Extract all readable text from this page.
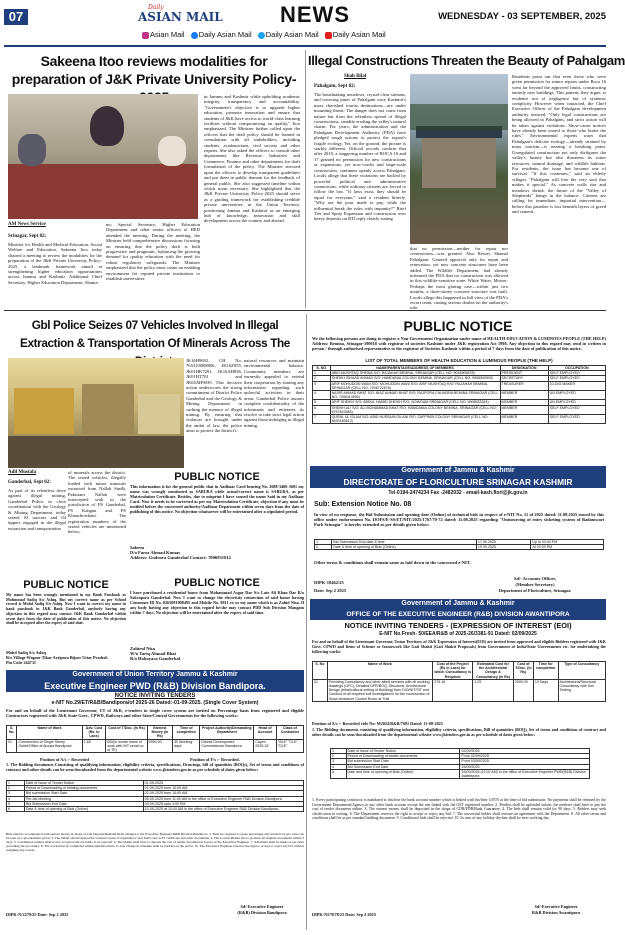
07
Daily
ASIAN MAIL	NEWS	WEDNESDAY - 03 SEPTEMBER, 2025
Asian Mail Daily Asian Mail Daily Asian Mail Daily Asian Mail
Sakeena Itoo reviews modalities for preparation of J&K Private University Policy-
AM News Service
Srinagar, Sept 02:
Minister for Health and Medical Education, Social Welfare and Education, Sakeena Itoo today chaired a meeting to review the modalities for the preparation of the J&K Private University Policy-2025, a landmark framework aimed at strengthening higher education opportunities across Jammu and Kashmir. Additional Chief Secretary, Higher Education Department, Shanta-
nu; Special Secretary, Higher Education Department and other senior officers of HED attended the meeting. During the meeting, the Minister held comprehensive discussions focusing on ensuring that the policy draft is both progressive and pragmatic, balancing the growing demand for quality education with the need for robust regulatory safeguards. The Minister emphasized that the policy must create an enabling environment for reputed private institutions to establish universities
in Jammu and Kashmir while upholding academic integrity, transparency and accountability. "Government's objective is to upgrade higher education, promote innovation and ensure that students of J&K have access to world-class learning facilities without compromising on quality," Itoo emphasized. The Minister further called upon the officers that the draft policy should be framed in consultation with all stakeholders, including students, academicians, civil society and other experts. She also asked the officers to consult other departments like Revenue, Industries and Commerce, Finance and other departments for draft formulation of the policy. The Minister stressed upon the officers to develop transparent guidelines and put them in public domain for the feedback of general public. She also suggested timeline within which norm necessary. She highlighted that the J&K Private University Policy-2025 should serve as a guiding framework for establishing credible private universities in the Union Territory, positioning Jammu and Kashmir as an emerging hub of knowledge, innovation and skill development across the country and abroad.
Illegal Constructions Threaten the Beauty of Pahalgam
Shah Bilal
Pahalgam, Sept 02:
The breathtaking meadows, crystal-clear streams, and towering pines of Pahalgam once Kashmir's most cherished tourist destinations—are under mounting threat. The danger does not come from nature but from the relentless spread of illegal constructions, steadily eroding the valley's natural charm. For years, the administration and the Pahalgam Development Authority (PDA) have pledged tough actions to protect the region's fragile ecology. Yet, on the ground, the picture is starkly different. Official records confirm that after 2019, a staggering number of BOCA 16 and 17 granted no permission for new constructions or expansions, yet now-cracks and large-scale construction, continues openly across Pahalgam. Locals allege that these violations are backed by powerful political and administrative connections, while ordinary citizens are forced to follow the law. "If laws exist, they should be equal for everyone," said a resident bitterly. "Why are the poor made to pay, while the influential break the rules with impunity?" Brief Tier and Spray Expansion and construction over heavy deposits on RTI reply clearly stating
that no permission—neither for repair nor construction—was granted. Also Resort, Shamal Pahalgam: Granted approval only for repair and renovation, yet new concrete structures have been added. The Wildlife Department, had already informed the PDA that no construction was allowed in this wildlife-sensitive zone. White Water, Mower: Perhaps the most glaring case—within just two months, a three-storey concrete structure was built. Locals allege this happened in full view of the PDA's escort team, casting serious doubts on the authority's role.
Residents point out that even those who were given permission for minor repairs under Boca 16 went far beyond the approved limits, constructing entirely new buildings. This pattern, they argue, is evidence not of negligence but of systemic complicity. However when contacted, the Chief Executive Officer of the Pahalgam development authority insisted, "Only legal constructions are being allowed in Pahalgam, and strict action will be taken against violations. Show-cause notices have already been issued to those who broke the rules." Environmental experts warn that Pahalgam's delicate ecology—already strained by mass tourism—is nearing a breaking point. Unregulated construction not only disfigures the valley's beauty but also threatens its water resources, natural drainage, and wildlife habitats. For residents, the issue has become one of survival. "If this continues," said an elderly villager, "Pahalgam will lose the very soul that makes it special." As concrete walls rise and meadows shrink, the future of the "Valley of Shepherds" hangs in the balance. Citizens are calling for immediate, impartial intervention—before this paradise is lost beneath layers of greed and cement.
Gbl Police Seizes 07 Vehicles Involved In Illegal Extraction & Transportation Of Minerals Across The
Adil Mustafa
Ganderbal, Sept 02:
As part of its relentless drive against illegal mining, Ganderbal Police in close coordination with the Geology & Mining Department, today seized 03 tractors and 04 tippers engaged in the illegal extraction and transportation
of minerals across the district. The seized vehicles, illegally loaded with minor minerals extracted from Nallah Sindh, Pakistani Nallah were intercepted with in the jurisdiction of PS Ganderbal, PS Kangan and PS Khanchowhani. The registration numbers of the seized vehicles are mentioned below;
JK16H9692, CH No. 76531008808K, JK16Z855, JK01HK7291, JK16AH836, JK01HT701 and JK04AH9039. This decisive action underscores the strong commitment of District Police Ganderbal and the Geology & Mining Department in curbing the menace of illegal mining. By ensuring that violators are brought under the ambit of law, the police aims to protect the district's
natural resources and maintain environmental balance. Community members are earnestly appealed to extend their cooperation by sharing any information regarding such unlawful activities in their areas. Ganderbal Police assures complete confidentiality of the informants and reiterates its resolve to take strict legal action against those indulging in illegal mining.
PUBLIC NOTICE
This information is for the general public that in Aadhaar Card bearing No. 2688-3406-3601 my name was wrongly mentioned as SABURA while actual/correct name is SABURA, as per Matriculation Certificate. Besides, due to misprint I have caused the name Said in my Aadhaar Card. Now it needs to be corrected as per my Matriculation Certificate, objection if any must be notified before the concerned authority/Aadhaar Department within seven days from the date of publishing of this notice. No objection whatsoever will be entertained after a stipulated period.
Saleem
D/o Faroz Ahmad Kumar
Address: Gudoora Ganderbal Contact: 7006931812
PUBLIC NOTICE
I have purchased a residential house from Mohammad Asgar Dar S/o Late Ali Khan Dar R/o Sokrapora Ganderbal. Now I want to change the electricity connection of said house having Consumer ID No. 0265081000495 and Mobile No. 9811 xx xx my name which is as Zahid Nisa. If any body having any objection to this regard he/she may contact PDD Sub Division Mangam within 7 days. No objection will be entertained after the expiry of said time.
Zahirul Nisa
W/o Tariq Ahmad Bhat
R/o Hoboyara Ganderbal
PUBLIC NOTICE
My name has been wrongly mentioned in my Bank Passbook as Mohmmad Sadiq S/o Ashiq. But my correct name as per School record is Mohd Sadiq S/o Ashiq. Now I want to correct my name in bank passbook in J&K Bank Ganderbal, anybody having any objection in this regard may contact J&K Bank Ganderbal within seven days from the date of publication of this notice. No objection shall be accepted after the expiry of said date.
Mohd Sadiq S/o Ashiq
R/o Village Wagoor Tikar Arziporo Bijoor Uttar Pradesh
Pin Code 244731
Government of Union Territory Jammu & Kashmir
Executive Engineer PWD (R&B) Division Bandipora.
NOTICE INVITING TENDERS
e-NIT No.29/ET/R&B/Bandipora/of 2025-26 Dated:-01-09-2025. (Single Cover System)
For and on behalf of the Lieutenant Governor, UT of J&K, e-tenders in single cover system are invited on Percentage basis from registered and eligible Contractors registered with J&K State Govt., CPWD, Railways and other State/Central Governments for the following works:
S. No.	Name of Work	Adv. Cost (Rs. In Lacs)	Cost of T/Doc. (In Rs)	Earnest Money (In Rs)	Time of completion	Project Authority/Demanding Department	Head of Account	Class of Contractor
01	Construction of Single Storey Outlet/Office at Aloosa Bandipora	1.65	600(in words name of work with NIT serial no. of TE)	2950.00	30 Working days	District Development Commissioner Bandipora	Capex 2025-26	"BLE" "CLE" "DLE"
Position of A/s :- Recorded	Position of F/s :- Recorded.
1. The Bidding documents Consisting of qualifying information, eligibility criteria, specifications, Drawings, bill of quantities (BOQs), Set of terms and conditions of contract and other details can be seen/downloaded from the departmental website www.jktenders.gov.in as per schedule of dates given below;
1	Date of Issue of Tender Notice	01-09-2025
2	Period of Downloading of bidding documents	01-09-2025 from 10:00 AM
3	Bid submission Start Date.	02-09-2025 from 10:00 AM
4	Pre-bid Meeting	05-09-2025 from 11:00 AM in the office of Executive Engineer R&B Division Bandipora
5	Bid Submission End Date.	09-09-2025 upto 4:00 PM
6	Date & time of opening of Bids (Online)	10-09-2025 at 10:00 AM in the office of Executive Engineer R&B Division Bandipora.
Bids must be accompanied with earnest money in shape of Call Deposit/Demand Draft pledged to the Executive Engineer R&B Division Bandipora. 2. Bids are required to quote percentage above/below/at par; rates can be seen on e-procurement portal. 3. The bidder should upload the scanned copies of registration card, PAN card, GST certificate and other documents. 4. The Lowest Bidder has to produce all original documents within 3 days. 5. Conditional tenders shall not be accepted and are liable to be rejected. 6. The bidder shall have to deposit the cost of tender document in favour of the Executive Engineer. 7. Allotment shall be made as per rules governing the procedure. 8. The work must be completed within stipulated time. 9. Any change in schedule shall be notified on the portal. 10. The Executive Engineer reserves the right to accept or reject any bid without assigning any reason.
DIPK-N/2279/25 Date: Sep 2 2025
Sd/-Executive Engineer
(R&B) Division Bandipora
PUBLIC NOTICE
We the following persons are doing to register a Non-Government Organization under name of HEALTH EDUCATION & LUMINOUS PEOPLE (THE HELP) Address: Bemina, Srinagar-190018 with registrar of societies Kashmir under J&K registration Act 1998. Any objection in this regard may send in written in person / through authorised representative to the registrar of Societies Kashmir within a period of 7 days from the date of publication of this notice.
LIST OF TOTAL MEMBERS OF HEALTH EDUCATION & LUMINOUS PEOPLE (THE HELP)
S. NO	NAME/PARENTAGE/ADDRESS OF MEMBERS	DESIGNATION	OCCUPATION
1	ABID MUSHTAQ SHEWA S/O: RAJAHAH BEMINA, SRINAGAR (CELL NO: 9018905878)	PRESIDENT	SELF EMPLOYED
2	SHEIKH ISHAAD AHMAD S/O: HAMDANIA COLONY BEMINA, SRINAGAR (CELL NO: 9906500500)	SECRETARY	SELF EMPLOYED
3	ARIF MOHUDDIN WANI S/O: MOHUDDIN WANI R/O: ARIF MUSHTAQ R/O: RAJAHAH BEMINA, SRINAGAR (CELL NO: 7006722878)	TREASURER	10-DIG MAKER
4	NASIR AHMAD BHAT S/O: NIAZ AHMAD BHAT R/O: RAJPORA CHUNDRA BEMINA SRINAGAR (CELL NO: 7006114905)	MEMBER	UN EMPLOYED
5	ARIF SHEIKH S/O: ABDUL HAMID SHEIKH R/O: NOWGAM SRINAGAR (CELL NO: 9906533344)	MEMBER	UN EMPLOYED
6	SHEIKH ALI S/O: ALI MOHAMMAD BHAT R/O: HAMDANIA COLONY BEMINA, SRINAGAR (CELL NO: 9797823983)	MEMBER	SELF EMPLOYED
7	QURAL UL ISLAM S/O: ABID HUSSAIN GILANI R/O: ZAFFRAN COLONY SRINAGAR (CELL NO: 8493183813)	MEMBER	SELF EMPLOYED
Government of Jammu & Kashmir
DIRECTORATE OF FLORICULTURE SRINAGAR KASHMIR
Tel-0194-2474234 Fax -2482032 - email-kash.flori@jk.gov.in
Sub: Extension Notice No. 08
In view of no response, the Bid Submission and opening date (Online) of technical bids in respect of e-NIT No. 11 of 2025 dated: 11.08.2025 issued by this office under endorsement No. DOFS/E-SS/ET/NIT/2025/1767/70-72 dated: 11.08.2025 regarding "Outsourcing of entry ticketing system of Badamwari Park Srinagar" is hereby extended as per details given below:
1	Bid Submission End date & time	17.09.2025	Up to 02:00 PM
2	Date & time of opening of Bids (Online)	19.09.2025	At 03:00 PM
Other terms & conditions shall remain same as laid down in the concerned e-NIT.
DIPK-18462/25
Date: Sep 2 2025
Sd/- Accounts Officer,
(Member Secretary)
Department of Floriculture, Srinagar.
Government of Jammu & Kashmir
OFFICE OF THE EXECUTIVE ENGINEER (R&B) DIVISION AWANTIPORA
NOTICE INVITING TENDERS - (EXPRESSION OF INTEREST (EOI)
E-NIT No.Fresh- 50/EEA/R&B of 2025-26/3381-91 Dated: 02/09/2025
For and on behalf of the Lieutenant Governor, Union Territory of J&K Expression of Interest(EOI) are invited from approved and eligible Bidders registered with J&K Govt. CPWD and firms of Scheme or framework like Gati Shakti (Gati Shakti Proposals) from Government of India/State Governments etc. for undertaking the following works:
S. No	Name of Work	Cost of the Project (Rs in Lacs) for which Consultancy is Required	Estimated Cost for the Architectural Design & Consultancy (in Rs)	Cost of T/Doc. (in Rs)	Time for completion	Type of Consultancy
01	Providing Consultancy and other allied services with all working drawings (GFC), Detailed DPR/BOQ, Structural, Architectural Design (tribal/cultural setting of Building) from DIO/NIT/SIT and Conduct of all required soil investigations for the construction of Snow clearance Control Room at Trail	275.18	1.25	2000.00	10 Days	Architectural/Structural Consultancy with Soil Testing
Position of A/s :- Recorded vide No: M2024/R&B/7681 Dated: 13-08-2025
1. The Bidding documents consisting of qualifying information, eligibility criteria, specifications, Bill of quantities (BOQ), Set of terms and conditions of contract and other details can be seen/downloaded from the departmental website www.jktenders.gov.in as per schedule of dates given below:
1	Date of Issue of Tender Notice	02/09/2025
2	Period of Downloading of bidder documents	From 02/09/2025
3	Bid submission Start Date	From 03/09/2025
4	Bid Submission End Date	15/09/2025
5	Date and time of opening of Bids (Online)	16/09/2025 (11:00 AM) in the office of Executive Engineer PWD(R&B) Division Awantipora
1. Every participating contractor is mandated to disclose the bank account number which is linked with his/their GSTN at the time of bid submission. No payments shall be released by the Government Department/Agency to any other bank account except the one linked with the GST registered number. 2. Tenders shall be uploaded online; the tenderer shall have to pay the cost of tender document online. 3. The earnest money shall be deposited in the shape of CDR/FDR/Bank Guarantee. 4. The bids shall remain valid for 90 days. 5. Bidders may seek clarification in writing. 6. The Department reserves the right to accept or reject any bid. 7. The successful bidder shall execute an agreement with the Department. 8. All other terms and conditions shall be as per standard bidding document. 9. Conditional bids shall be rejected. 10. In case of any holiday the date shall be next working day.
DIPK-NI/7678/25 Date: Sep 2 2025
Sd/-Executive Engineer
R&B Division Awantipora
